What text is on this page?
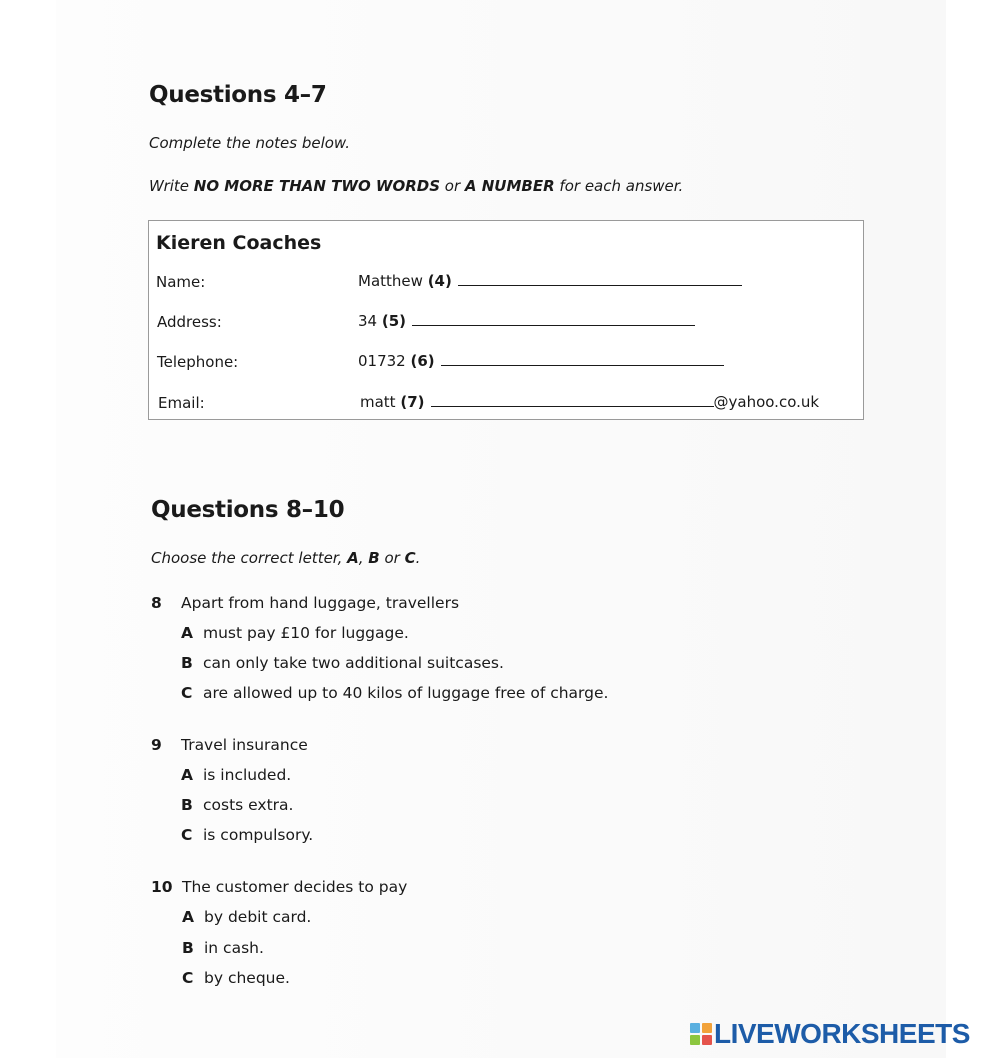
Questions 4–7
Complete the notes below.
Write NO MORE THAN TWO WORDS or A NUMBER for each answer.
Kieren Coaches
Name:	Matthew (4)
Address:	34 (5)
Telephone:	01732 (6)
Email:	matt (7)	@yahoo.co.uk
Questions 8–10
Choose the correct letter, A, B or C.
8 Apart from hand luggage, travellers
A must pay £10 for luggage.
B can only take two additional suitcases.
C are allowed up to 40 kilos of luggage free of charge.
9 Travel insurance
A is included.
B costs extra.
C is compulsory.
10 The customer decides to pay
A by debit card.
B in cash.
C by cheque.
LIVEWORKSHEETS
